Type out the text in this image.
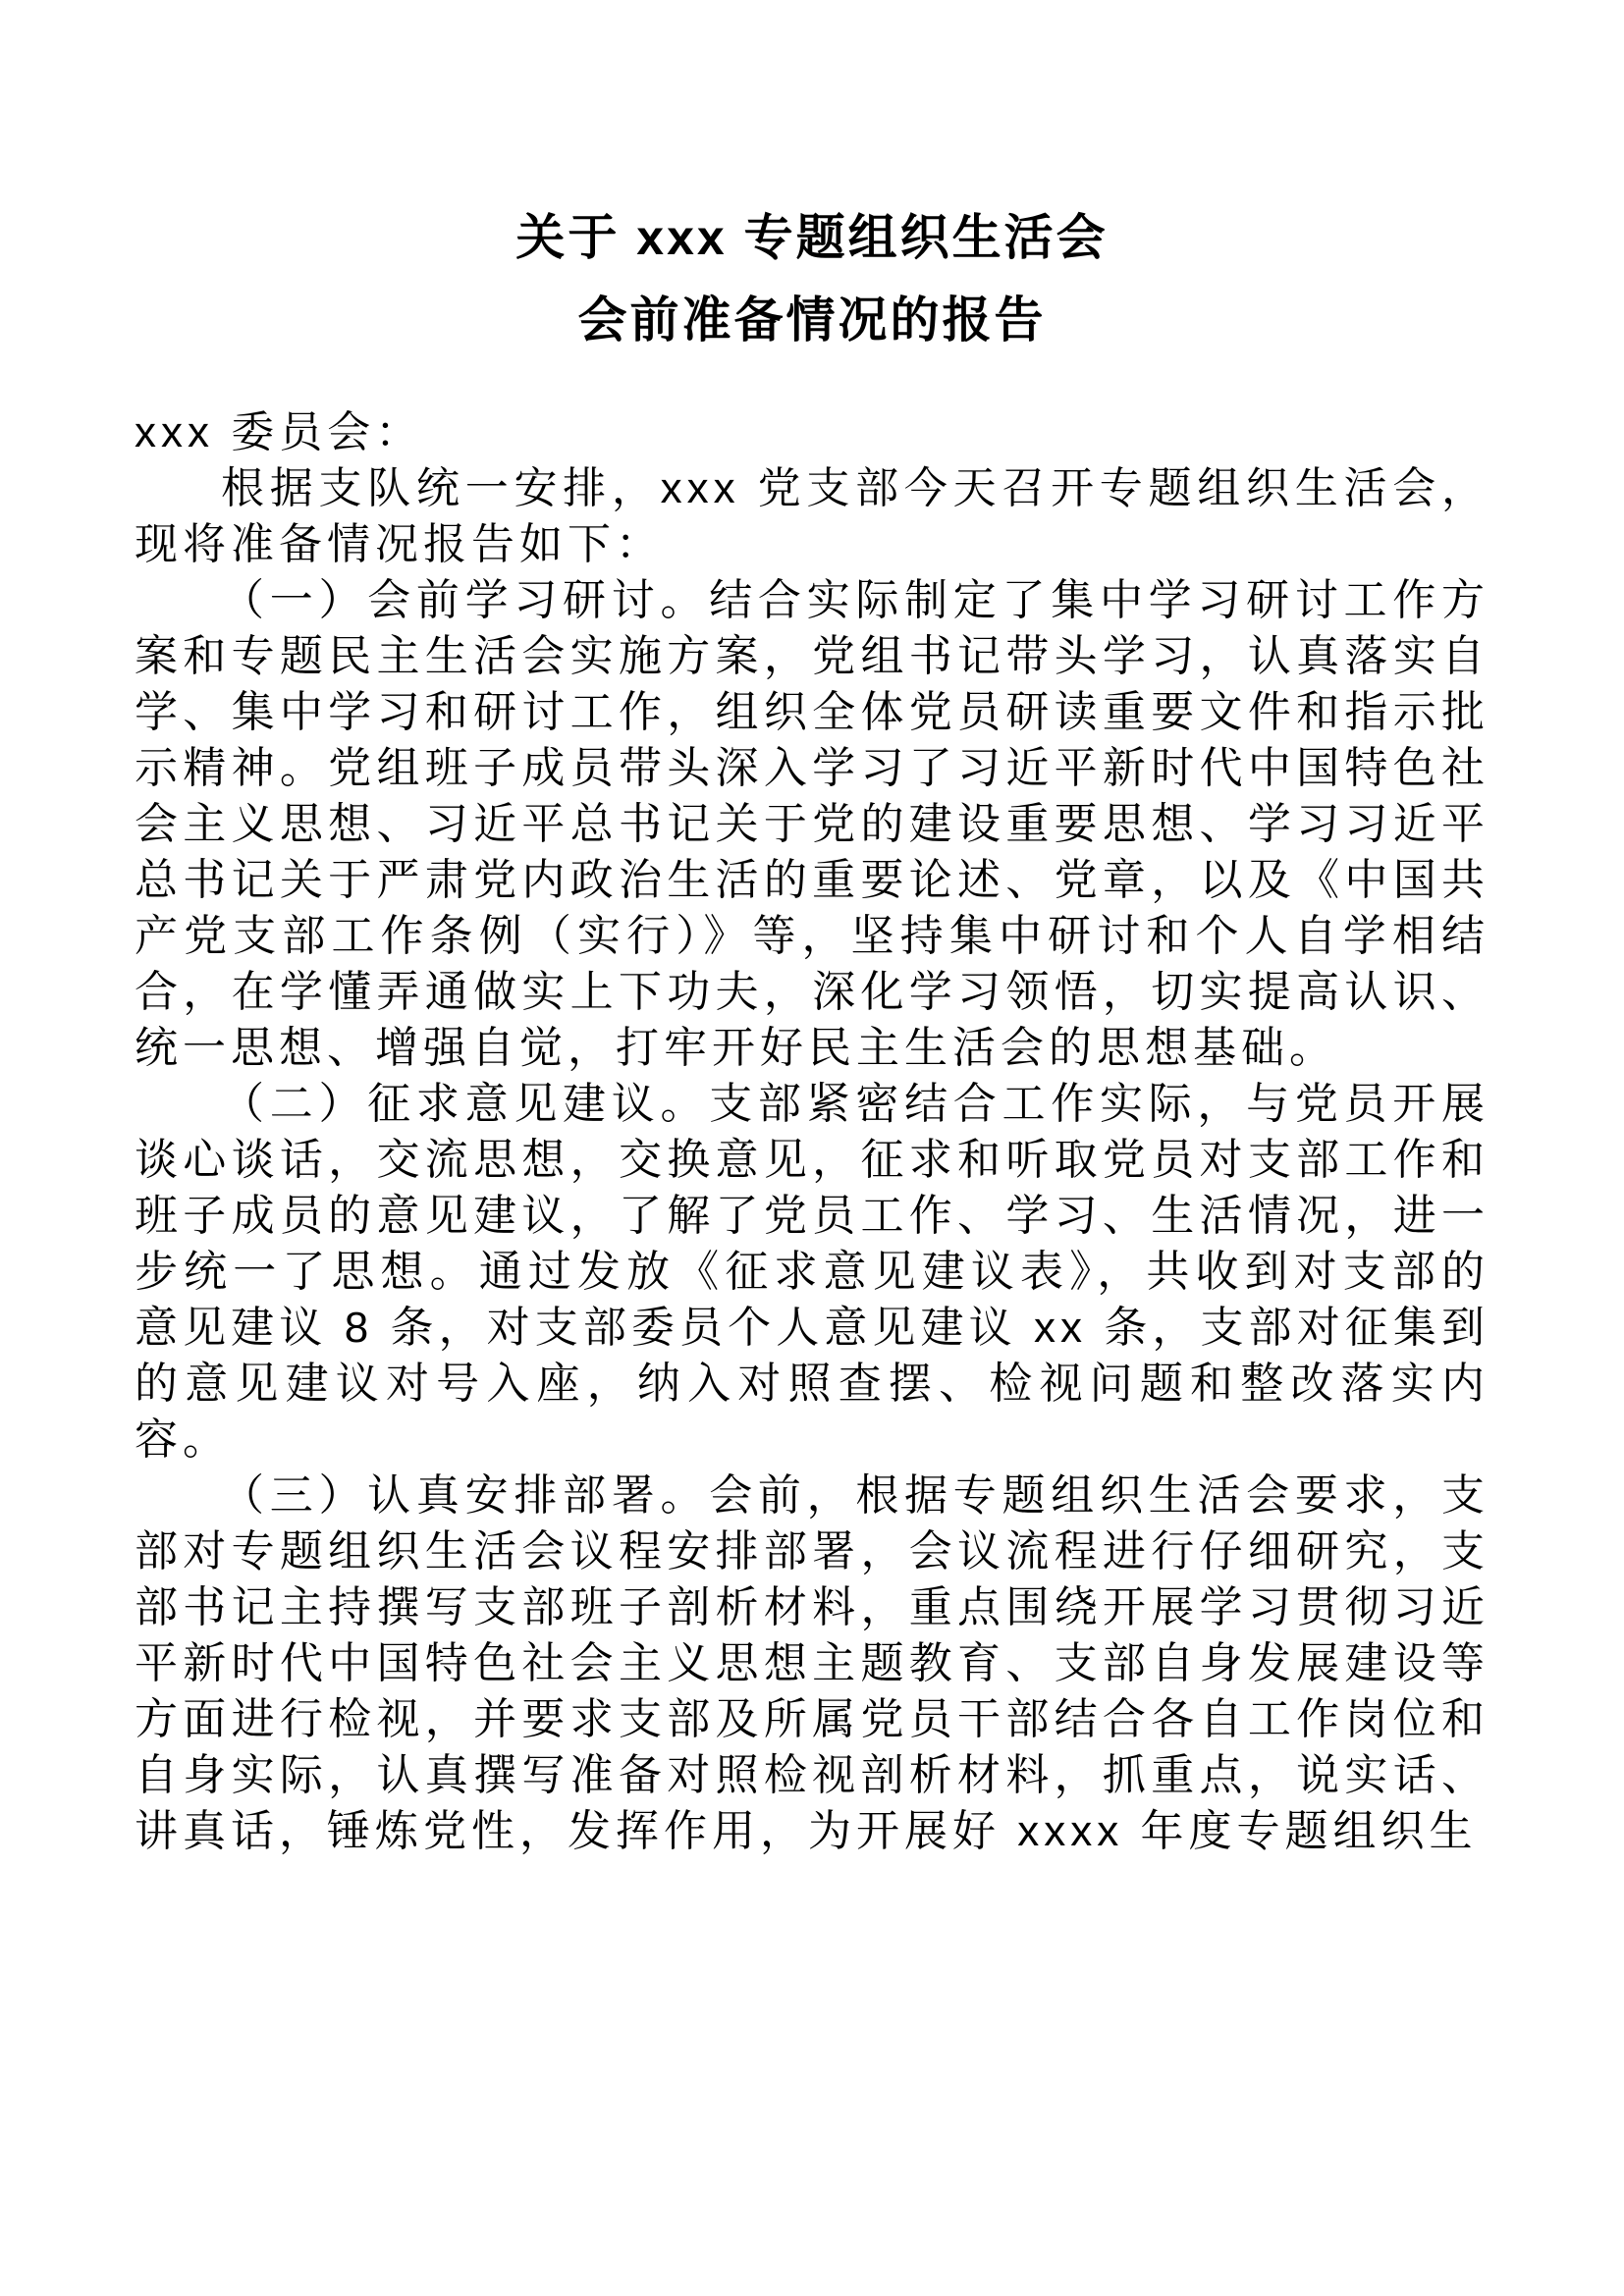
关于 xxx 专题组织生活会
会前准备情况的报告

xxx 委员会：

根据支队统一安排，xxx 党支部今天召开专题组织生活会，现将准备情况报告如下：

（一）会前学习研讨。结合实际制定了集中学习研讨工作方案和专题民主生活会实施方案，党组书记带头学习，认真落实自学、集中学习和研讨工作，组织全体党员研读重要文件和指示批示精神。党组班子成员带头深入学习了习近平新时代中国特色社会主义思想、习近平总书记关于党的建设重要思想、学习习近平总书记关于严肃党内政治生活的重要论述、党章，以及《中国共产党支部工作条例（实行）》等，坚持集中研讨和个人自学相结合，在学懂弄通做实上下功夫，深化学习领悟，切实提高认识、统一思想、增强自觉，打牢开好民主生活会的思想基础。

（二）征求意见建议。支部紧密结合工作实际，与党员开展谈心谈话，交流思想，交换意见，征求和听取党员对支部工作和班子成员的意见建议，了解了党员工作、学习、生活情况，进一步统一了思想。通过发放《征求意见建议表》，共收到对支部的意见建议 8 条，对支部委员个人意见建议 xx 条，支部对征集到的意见建议对号入座，纳入对照查摆、检视问题和整改落实内容。

（三）认真安排部署。会前，根据专题组织生活会要求，支部对专题组织生活会议程安排部署，会议流程进行仔细研究，支部书记主持撰写支部班子剖析材料，重点围绕开展学习贯彻习近平新时代中国特色社会主义思想主题教育、支部自身发展建设等方面进行检视，并要求支部及所属党员干部结合各自工作岗位和自身实际，认真撰写准备对照检视剖析材料，抓重点，说实话、讲真话，锤炼党性，发挥作用，为开展好 xxxx 年度专题组织生
